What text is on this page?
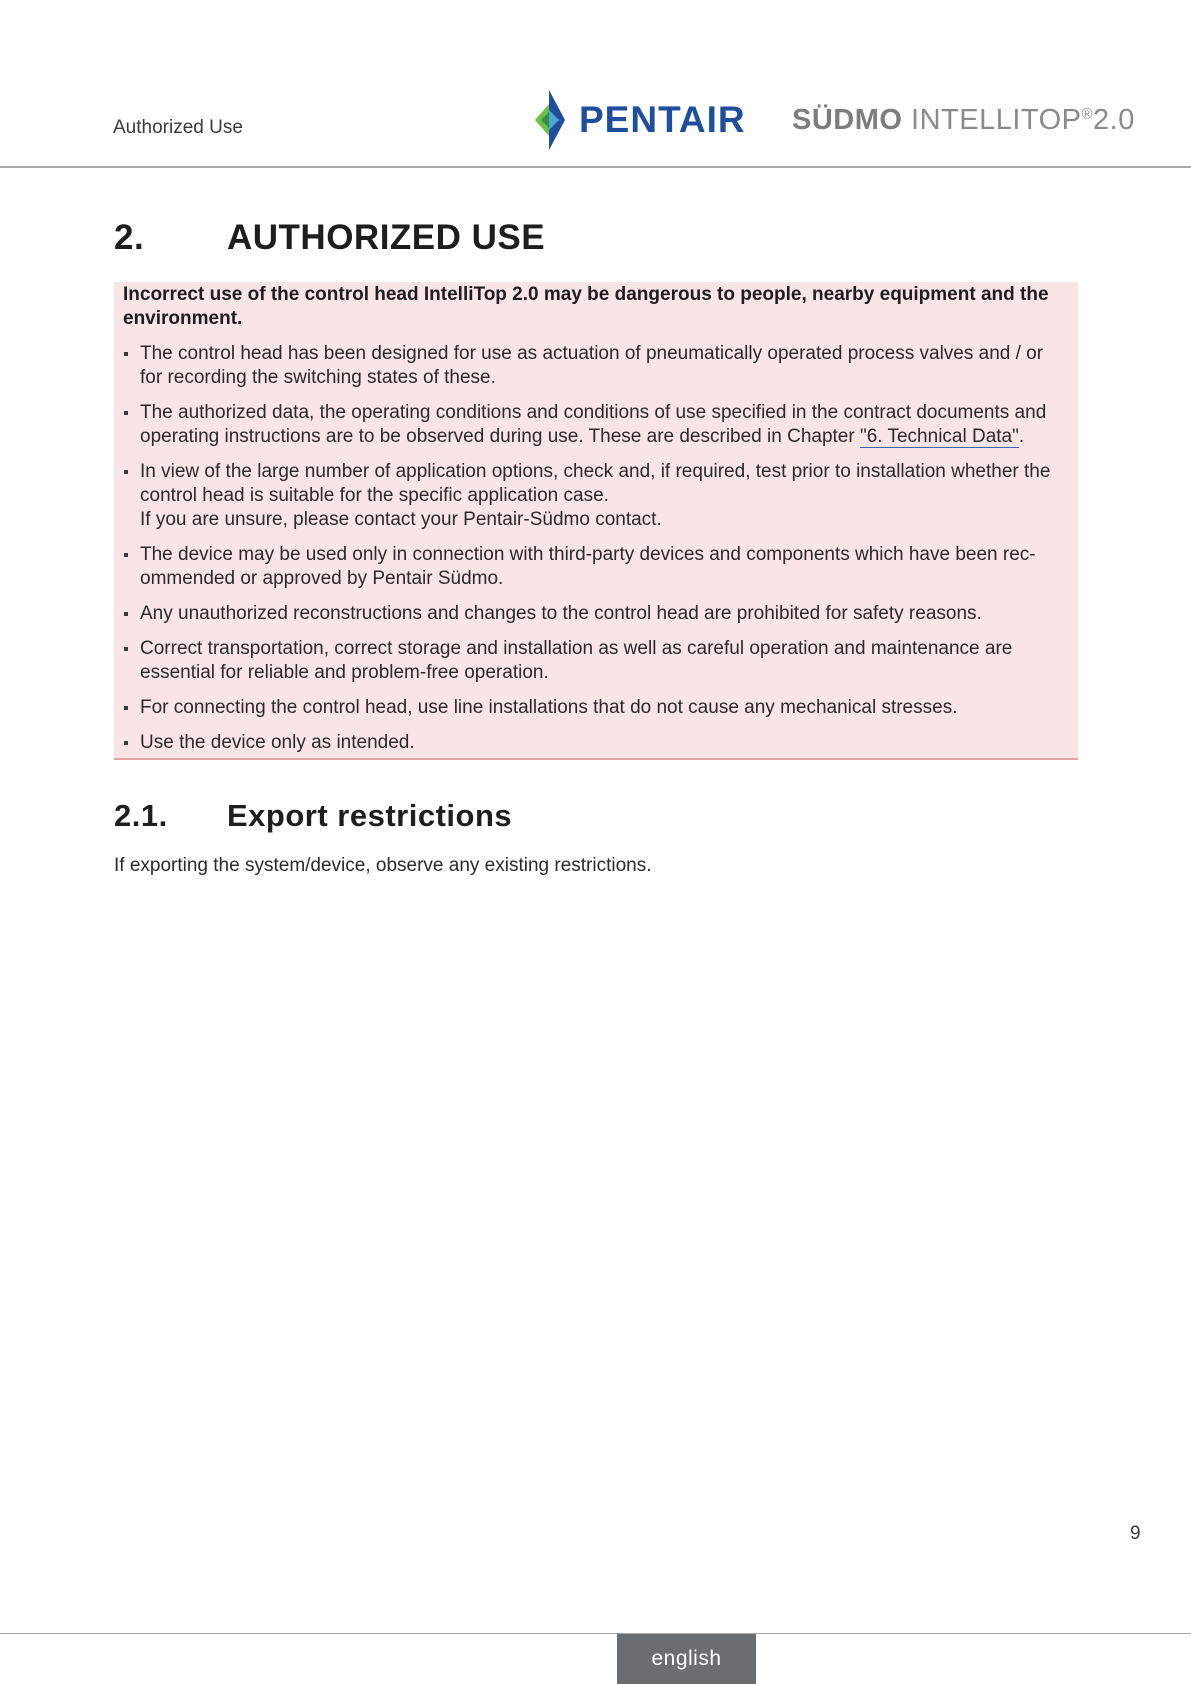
Authorized Use	PENTAIR SÜDMO INTELLITOP®2.0
2. AUTHORIZED USE
Incorrect use of the control head IntelliTop 2.0 may be dangerous to people, nearby equipment and the environment.
The control head has been designed for use as actuation of pneumatically operated process valves and / or for recording the switching states of these.
The authorized data, the operating conditions and conditions of use specified in the contract documents and operating instructions are to be observed during use. These are described in Chapter "6. Technical Data".
In view of the large number of application options, check and, if required, test prior to installation whether the control head is suitable for the specific application case.
If you are unsure, please contact your Pentair-Südmo contact.
The device may be used only in connection with third-party devices and components which have been rec-ommended or approved by Pentair Südmo.
Any unauthorized reconstructions and changes to the control head are prohibited for safety reasons.
Correct transportation, correct storage and installation as well as careful operation and maintenance are essential for reliable and problem-free operation.
For connecting the control head, use line installations that do not cause any mechanical stresses.
Use the device only as intended.
2.1. Export restrictions
If exporting the system/device, observe any existing restrictions.
9
english
